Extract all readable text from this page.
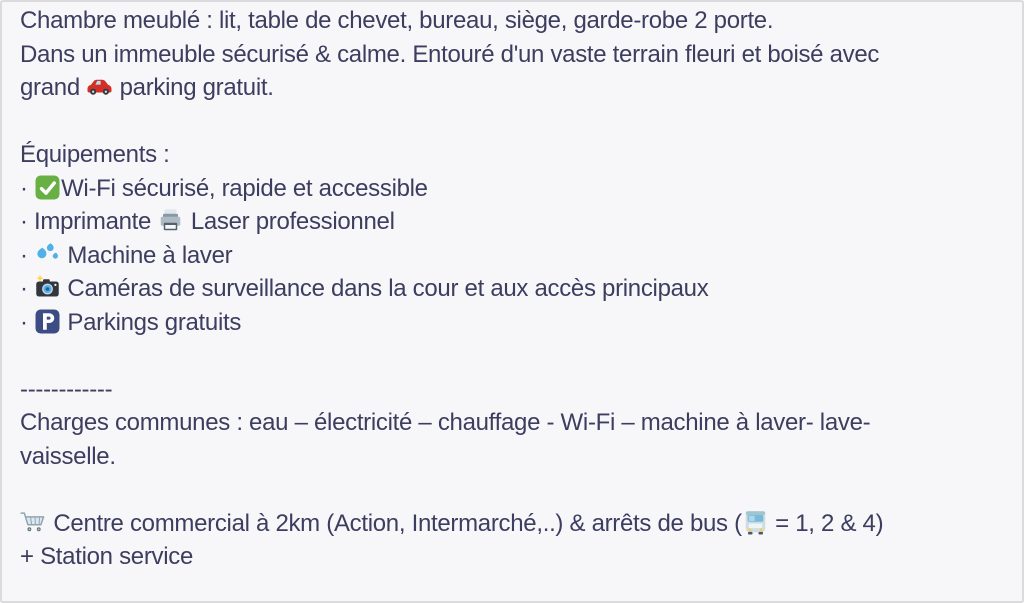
Chambre meublé : lit, table de chevet, bureau, siège, garde-robe 2 porte.
Dans un immeuble sécurisé & calme. Entouré d'un vaste terrain fleuri et boisé avec
grand
parking gratuit.
Équipements :
·
Wi-Fi sécurisé, rapide et accessible
· Imprimante
Laser professionnel
·
Machine à laver
·
Caméras de surveillance dans la cour et aux accès principaux
·
Parkings gratuits
------------
Charges communes : eau – électricité – chauffage - Wi-Fi – machine à laver- lave-
vaisselle.
Centre commercial à 2km (Action, Intermarché,..) & arrêts de bus (
= 1, 2 & 4)
+ Station service
